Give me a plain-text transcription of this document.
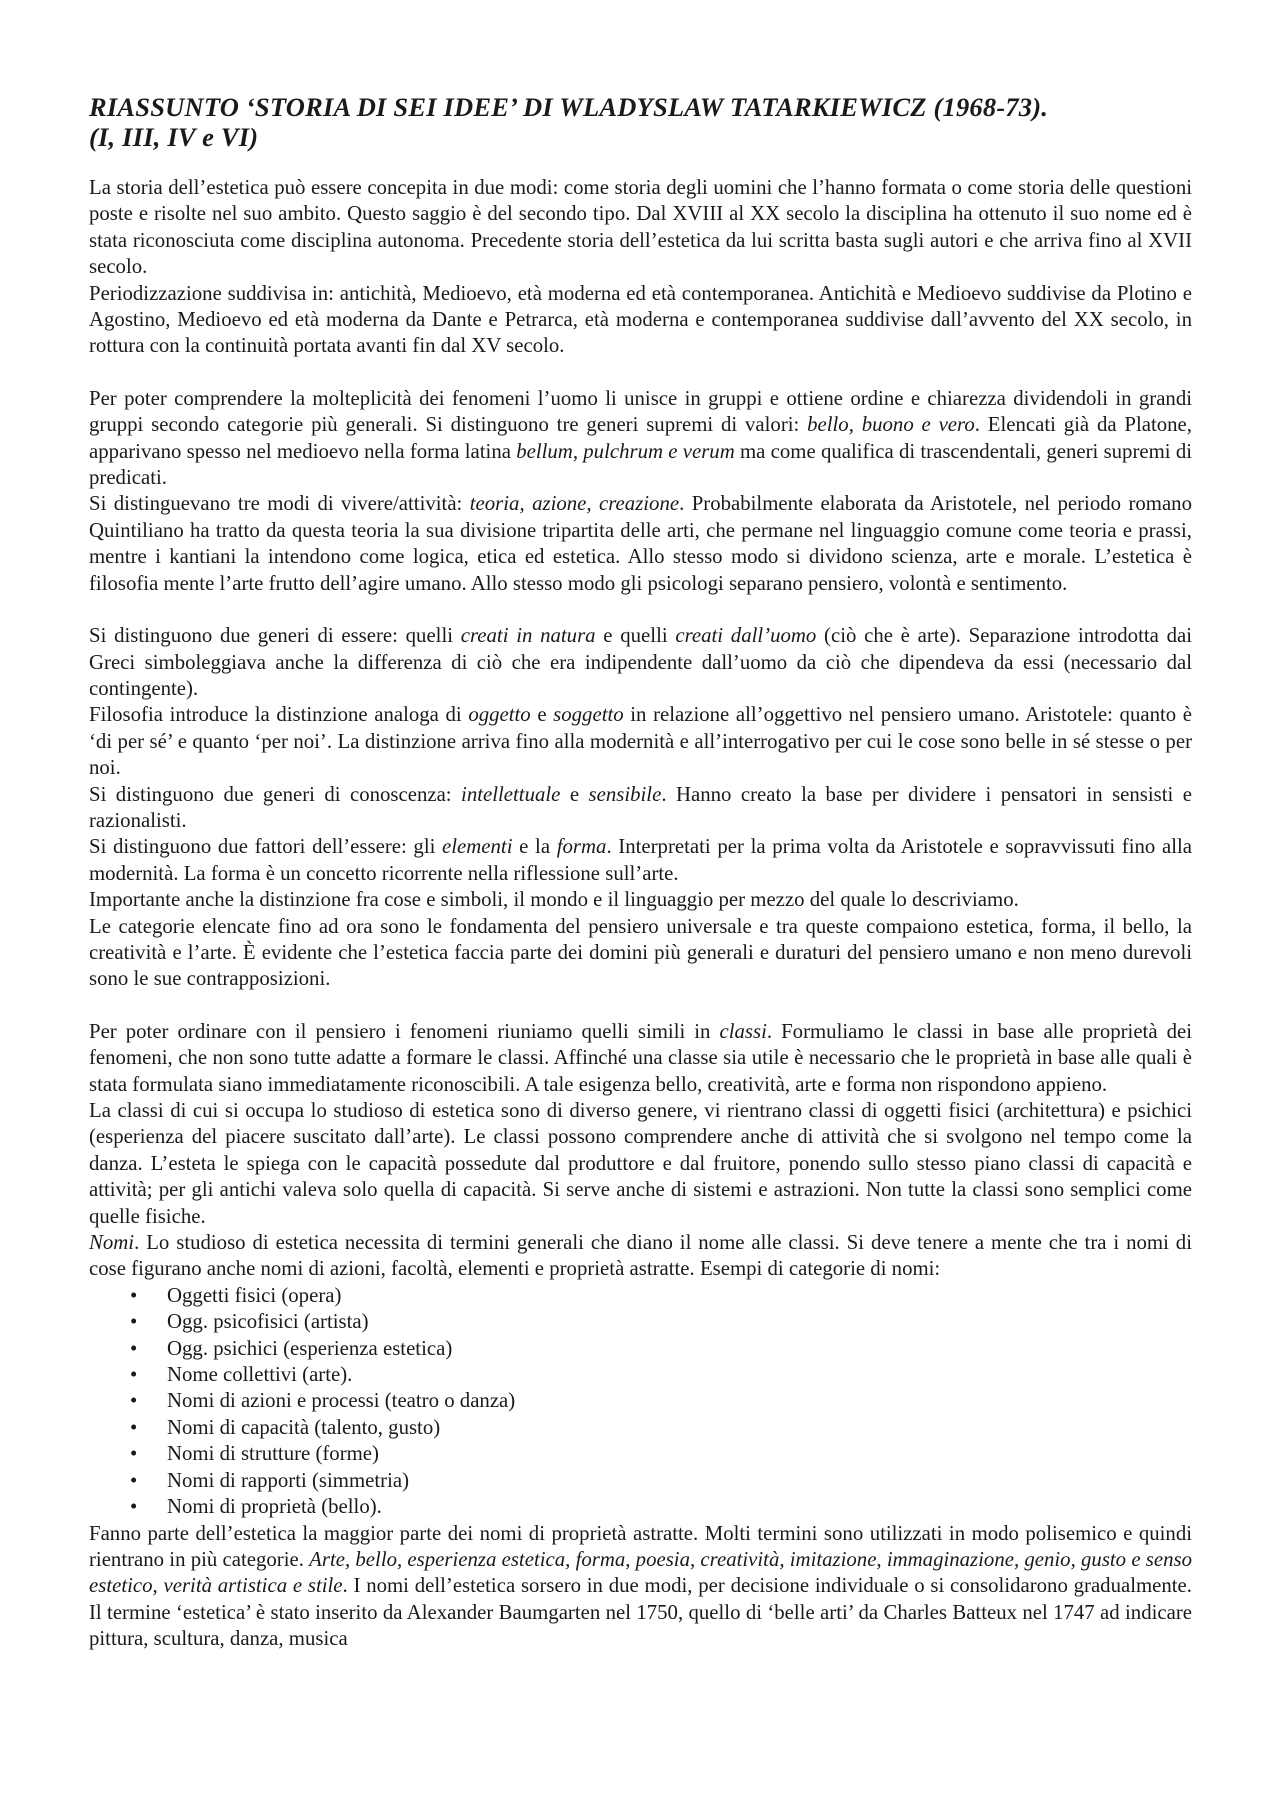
RIASSUNTO ‘STORIA DI SEI IDEE’ DI WLADYSLAW TATARKIEWICZ (1968-73).
(I, III, IV e VI)

La storia dell’estetica può essere concepita in due modi: come storia degli uomini che l’hanno formata o come storia delle questioni poste e risolte nel suo ambito. Questo saggio è del secondo tipo. Dal XVIII al XX secolo la disciplina ha ottenuto il suo nome ed è stata riconosciuta come disciplina autonoma. Precedente storia dell’estetica da lui scritta basta sugli autori e che arriva fino al XVII secolo.

Periodizzazione suddivisa in: antichità, Medioevo, età moderna ed età contemporanea. Antichità e Medioevo suddivise da Plotino e Agostino, Medioevo ed età moderna da Dante e Petrarca, età moderna e contemporanea suddivise dall’avvento del XX secolo, in rottura con la continuità portata avanti fin dal XV secolo.

Per poter comprendere la molteplicità dei fenomeni l’uomo li unisce in gruppi e ottiene ordine e chiarezza dividendoli in grandi gruppi secondo categorie più generali. Si distinguono tre generi supremi di valori: bello, buono e vero. Elencati già da Platone, apparivano spesso nel medioevo nella forma latina bellum, pulchrum e verum ma come qualifica di trascendentali, generi supremi di predicati.

Si distinguevano tre modi di vivere/attività: teoria, azione, creazione. Probabilmente elaborata da Aristotele, nel periodo romano Quintiliano ha tratto da questa teoria la sua divisione tripartita delle arti, che permane nel linguaggio comune come teoria e prassi, mentre i kantiani la intendono come logica, etica ed estetica. Allo stesso modo si dividono scienza, arte e morale. L’estetica è filosofia mente l’arte frutto dell’agire umano. Allo stesso modo gli psicologi separano pensiero, volontà e sentimento.

Si distinguono due generi di essere: quelli creati in natura e quelli creati dall’uomo (ciò che è arte). Separazione introdotta dai Greci simboleggiava anche la differenza di ciò che era indipendente dall’uomo da ciò che dipendeva da essi (necessario dal contingente).

Filosofia introduce la distinzione analoga di oggetto e soggetto in relazione all’oggettivo nel pensiero umano. Aristotele: quanto è ‘di per sé’ e quanto ‘per noi’. La distinzione arriva fino alla modernità e all’interrogativo per cui le cose sono belle in sé stesse o per noi.

Si distinguono due generi di conoscenza: intellettuale e sensibile. Hanno creato la base per dividere i pensatori in sensisti e razionalisti.

Si distinguono due fattori dell’essere: gli elementi e la forma. Interpretati per la prima volta da Aristotele e sopravvissuti fino alla modernità. La forma è un concetto ricorrente nella riflessione sull’arte.

Importante anche la distinzione fra cose e simboli, il mondo e il linguaggio per mezzo del quale lo descriviamo.

Le categorie elencate fino ad ora sono le fondamenta del pensiero universale e tra queste compaiono estetica, forma, il bello, la creatività e l’arte. È evidente che l’estetica faccia parte dei domini più generali e duraturi del pensiero umano e non meno durevoli sono le sue contrapposizioni.

Per poter ordinare con il pensiero i fenomeni riuniamo quelli simili in classi. Formuliamo le classi in base alle proprietà dei fenomeni, che non sono tutte adatte a formare le classi. Affinché una classe sia utile è necessario che le proprietà in base alle quali è stata formulata siano immediatamente riconoscibili. A tale esigenza bello, creatività, arte e forma non rispondono appieno.

La classi di cui si occupa lo studioso di estetica sono di diverso genere, vi rientrano classi di oggetti fisici (architettura) e psichici (esperienza del piacere suscitato dall’arte). Le classi possono comprendere anche di attività che si svolgono nel tempo come la danza. L’esteta le spiega con le capacità possedute dal produttore e dal fruitore, ponendo sullo stesso piano classi di capacità e attività; per gli antichi valeva solo quella di capacità. Si serve anche di sistemi e astrazioni. Non tutte la classi sono semplici come quelle fisiche.

Nomi. Lo studioso di estetica necessita di termini generali che diano il nome alle classi. Si deve tenere a mente che tra i nomi di cose figurano anche nomi di azioni, facoltà, elementi e proprietà astratte. Esempi di categorie di nomi:

• Oggetti fisici (opera)
• Ogg. psicofisici (artista)
• Ogg. psichici (esperienza estetica)
• Nome collettivi (arte).
• Nomi di azioni e processi (teatro o danza)
• Nomi di capacità (talento, gusto)
• Nomi di strutture (forme)
• Nomi di rapporti (simmetria)
• Nomi di proprietà (bello).

Fanno parte dell’estetica la maggior parte dei nomi di proprietà astratte. Molti termini sono utilizzati in modo polisemico e quindi rientrano in più categorie. Arte, bello, esperienza estetica, forma, poesia, creatività, imitazione, immaginazione, genio, gusto e senso estetico, verità artistica e stile. I nomi dell’estetica sorsero in due modi, per decisione individuale o si consolidarono gradualmente. Il termine ‘estetica’ è stato inserito da Alexander Baumgarten nel 1750, quello di ‘belle arti’ da Charles Batteux nel 1747 ad indicare pittura, scultura, danza, musica
